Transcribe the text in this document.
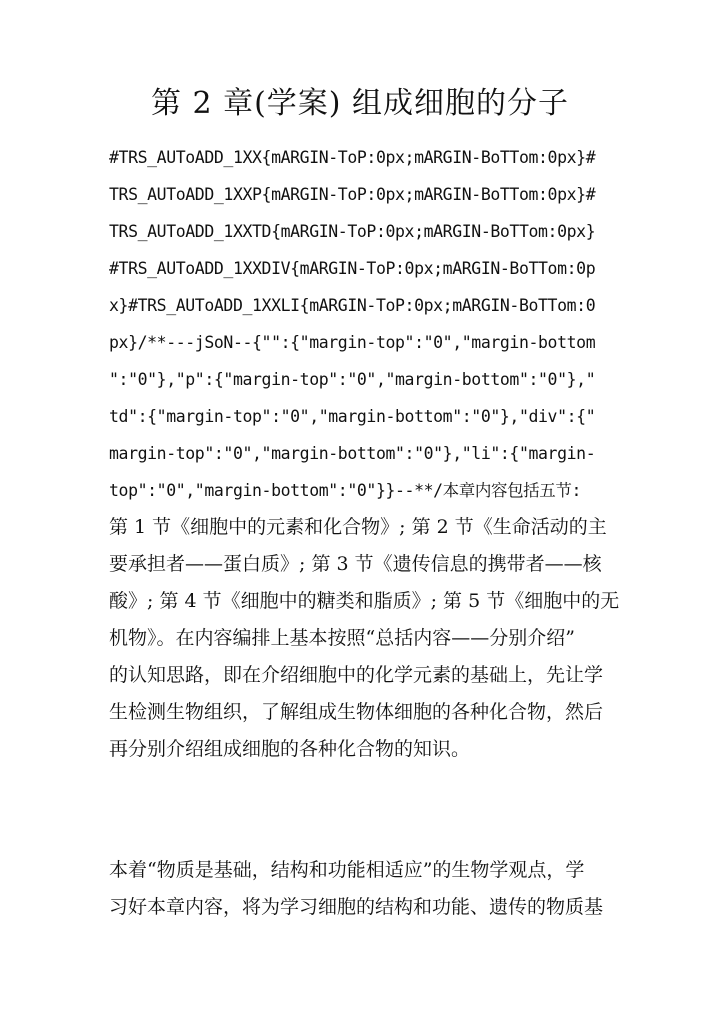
第 2 章(学案) 组成细胞的分子

#TRS_AUToADD_1XX{mARGIN-ToP:0px;mARGIN-BoTTom:0px}#

TRS_AUToADD_1XXP{mARGIN-ToP:0px;mARGIN-BoTTom:0px}#

TRS_AUToADD_1XXTD{mARGIN-ToP:0px;mARGIN-BoTTom:0px}

#TRS_AUToADD_1XXDIV{mARGIN-ToP:0px;mARGIN-BoTTom:0p

x}#TRS_AUToADD_1XXLI{mARGIN-ToP:0px;mARGIN-BoTTom:0

px}/**---jSoN--{"":{"margin-top":"0","margin-bottom

":"0"},"p":{"margin-top":"0","margin-bottom":"0"},"

td":{"margin-top":"0","margin-bottom":"0"},"div":{"

margin-top":"0","margin-bottom":"0"},"li":{"margin-

top":"0","margin-bottom":"0"}}--**/本章内容包括五节:

第 1 节《细胞中的元素和化合物》; 第 2 节《生命活动的主

要承担者——蛋白质》; 第 3 节《遗传信息的携带者——核

酸》; 第 4 节《细胞中的糖类和脂质》; 第 5 节《细胞中的无

机物》。在内容编排上基本按照“总括内容——分别介绍”

的认知思路，即在介绍细胞中的化学元素的基础上，先让学

生检测生物组织，了解组成生物体细胞的各种化合物，然后

再分别介绍组成细胞的各种化合物的知识。

本着“物质是基础，结构和功能相适应”的生物学观点，学

习好本章内容，将为学习细胞的结构和功能、遗传的物质基
